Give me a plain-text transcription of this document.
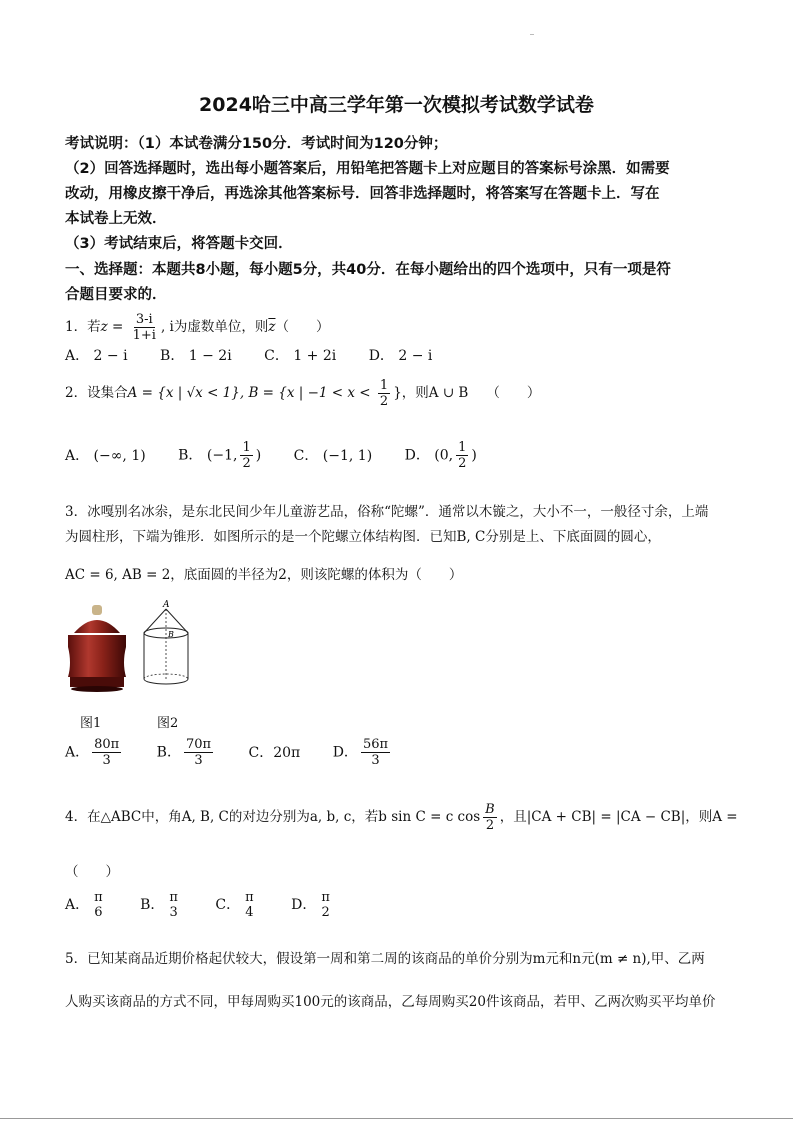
2024哈三中高三学年第一次模拟考试数学试卷
考试说明：（1）本试卷满分150分．考试时间为120分钟；
（2）回答选择题时，选出每小题答案后，用铅笔把答题卡上对应题目的答案标号涂黑．如需要
改动，用橡皮擦干净后，再选涂其他答案标号．回答非选择题时，将答案写在答题卡上．写在
本试卷上无效．
（3）考试结束后，将答题卡交回．
一、选择题：本题共8小题，每小题5分，共40分．在每小题给出的四个选项中，只有一项是符
合题目要求的．
1．若$z = \frac{3-i}{1+i}$ , i为虚数单位，则$\overline{z}$（　　）
A． 2 − i B． 1 − 2i C． 1 + 2i D． 2 − i
2．设集合A = {x | √x < 1}, B = {x | $-1 < x < \frac{1}{2}$ }，则A ∪ B （　　）
A． (−∞, 1) B． (−1, $\frac{1}{2}$ ) C． (−1, 1) D． (0, $\frac{1}{2}$ )
3．冰嘎别名冰尜，是东北民间少年儿童游艺品，俗称“陀螺”．通常以木镟之，大小不一，一般径寸余，上端
为圆柱形，下端为锥形．如图所示的是一个陀螺立体结构图．已知B, C分别是上、下底面圆的圆心，
AC = 6, AB = 2，底面圆的半径为2，则该陀螺的体积为（　　）
A
B
图1	图2
A． $\frac{80\pi}{3}$	B． $\frac{70\pi}{3}$	C．20π D． $\frac{56\pi}{3}$
4．在△ABC中，角A, B, C的对边分别为a, b, c，若b sin C = c $\cos \frac{B}{2}$ ，且|CA + CB| = |CA − CB|，则A =
（　　）
A． π
6	B． π
3	C． π
4	D． π
2
5．已知某商品近期价格起伏较大，假设第一周和第二周的该商品的单价分别为m元和n元(m ≠ n),甲、乙两
人购买该商品的方式不同，甲每周购买100元的该商品，乙每周购买20件该商品，若甲、乙两次购买平均单价
